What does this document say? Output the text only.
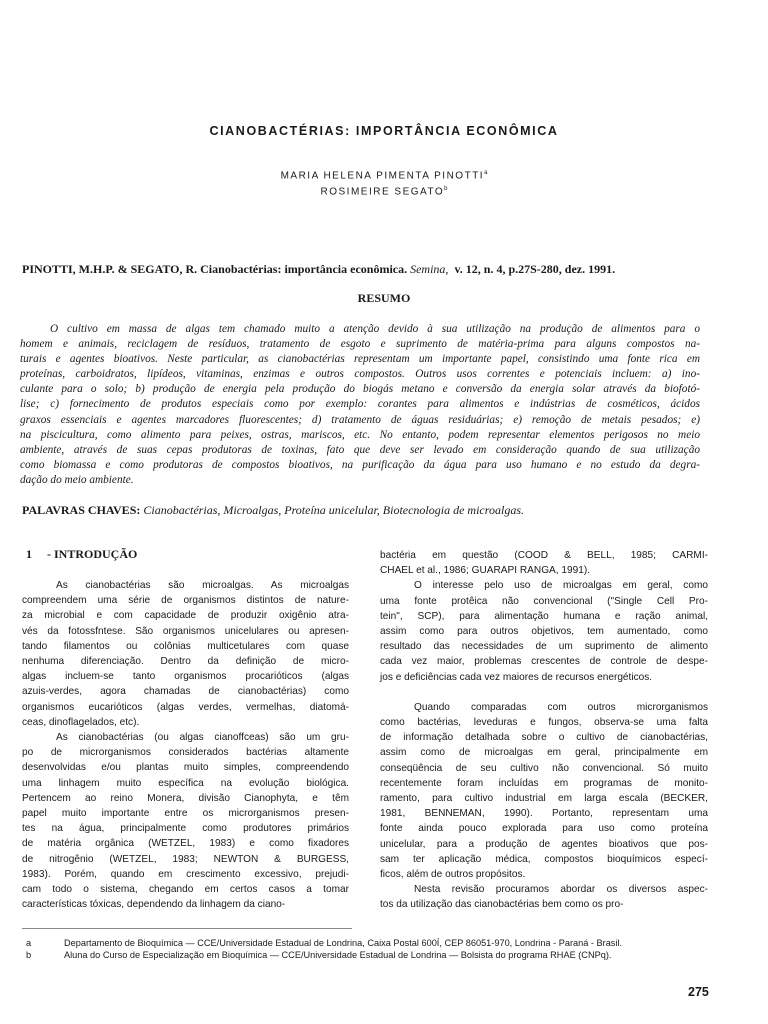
CIANOBACTÉRIAS: IMPORTÂNCIA ECONÔMICA
MARIA HELENA PIMENTA PINOTTI$^a$
ROSIMEIRE SEGATO$^b$
PINOTTI, M.H.P. & SEGATO, R. Cianobactérias: importância econômica. Semina, v. 12, n. 4, p.27S-280, dez. 1991.
RESUMO
O cultivo em massa de algas tem chamado muito a atenção devido à sua utilização na produção de alimentos para o
homem e animais, reciclagem de resíduos, tratamento de esgoto e suprimento de matéria-prima para alguns compostos na-
turais e agentes bioativos. Neste particular, as cianobactérias representam um importante papel, consistindo uma fonte rica em
proteínas, carboidratos, lipídeos, vitaminas, enzimas e outros compostos. Outros usos correntes e potenciais incluem: a) ino-
culante para o solo; b) produção de energia pela produção do biogás metano e conversão da energia solar através da biofotó-
lise; c) fornecimento de produtos especiais como por exemplo: corantes para alimentos e indústrias de cosméticos, ácidos
graxos essenciais e agentes marcadores fluorescentes; d) tratamento de águas residuárias; e) remoção de metais pesados; e)
na piscicultura, como alimento para peixes, ostras, mariscos, etc. No entanto, podem representar elementos perigosos no meio
ambiente, através de suas cepas produtoras de toxinas, fato que deve ser levado em consideração quando de sua utilização
como biomassa e como produtoras de compostos bioativos, na purificação da água para uso humano e no estudo da degra-
dação do meio ambiente.
PALAVRAS CHAVES: Cianobactérias, Microalgas, Proteína unicelular, Biotecnologia de microalgas.
1 - INTRODUÇÃO
As cianobactérias são microalgas. As microalgas
compreendem uma série de organismos distintos de nature-
za microbial e com capacidade de produzir oxigênio atra-
vés da fotossfntese. São organismos unicelulares ou apresen-
tando filamentos ou colônias multicetulares com quase
nenhuma diferenciação. Dentro da definição de micro-
algas incluem-se tanto organismos procarióticos (algas
azuis-verdes, agora chamadas de cianobactérias) como
organismos eucarióticos (algas verdes, vermelhas, diatomá-
ceas, dinoflagelados, etc).
As cianobactérias (ou algas cianoffceas) são um gru-
po de microrganismos considerados bactérias altamente
desenvolvidas e/ou plantas muito simples, compreendendo
uma linhagem muito específica na evolução biológica.
Pertencem ao reino Monera, divisão Cianophyta, e têm
papel muito importante entre os microrganismos presen-
tes na água, principalmente como produtores primários
de matéria orgânica (WETZEL, 1983) e como fixadores
de nitrogênio (WETZEL, 1983; NEWTON & BURGESS,
1983). Porém, quando em crescimento excessivo, prejudi-
cam todo o sistema, chegando em certos casos a tomar
características tóxicas, dependendo da linhagem da ciano-
bactéria em questão (COOD & BELL, 1985; CARMI-
CHAEL et al., 1986; GUARAPI RANGA, 1991).
O interesse pelo uso de microalgas em geral, como
uma fonte protêica não convencional ("Single Cell Pro-
tein", SCP), para alimentação humana e ração animal,
assim como para outros objetivos, tem aumentado, como
resultado das necessidades de um suprimento de alimento
cada vez maior, problemas crescentes de controle de despe-
jos e deficiências cada vez maiores de recursos energéticos.
Quando comparadas com outros microrganismos
como bactérias, leveduras e fungos, observa-se uma falta
de informação detalhada sobre o cultivo de cianobactérias,
assim como de microalgas em geral, principalmente em
conseqüência de seu cultivo não convencional. Só muito
recentemente foram incluídas em programas de monito-
ramento, para cultivo industrial em larga escala (BECKER,
1981, BENNEMAN, 1990). Portanto, representam uma
fonte ainda pouco explorada para uso como proteína
unicelular, para a produção de agentes bioativos que pos-
sam ter aplicação médica, compostos bioquímicos especí-
ficos, além de outros propósitos.
Nesta revisão procuramos abordar os diversos aspec-
tos da utilização das cianobactérias bem como os pro-
a	Departamento de Bioquímica — CCE/Universidade Estadual de Londrina, Caixa Postal 600Í, CEP 86051-970, Londrina - Paraná - Brasil.
b	Aluna do Curso de Especialização em Bioquímica — CCE/Universidade Estadual de Londrina — Bolsista do programa RHAE (CNPq).
275
